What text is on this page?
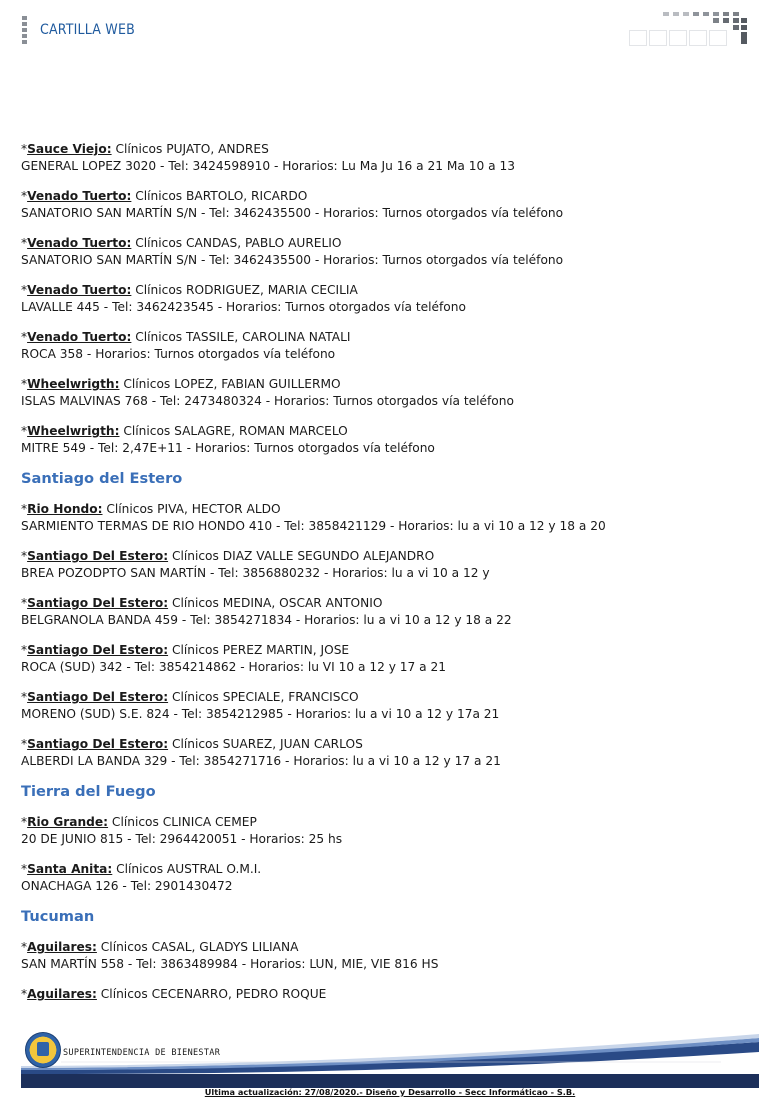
CARTILLA WEB
*Sauce Viejo: Clínicos PUJATO, ANDRES
GENERAL LOPEZ 3020 - Tel: 3424598910 - Horarios: Lu Ma Ju 16 a 21 Ma 10 a 13
*Venado Tuerto: Clínicos BARTOLO, RICARDO
SANATORIO SAN MARTÍN S/N - Tel: 3462435500 - Horarios: Turnos otorgados vía teléfono
*Venado Tuerto: Clínicos CANDAS, PABLO AURELIO
SANATORIO SAN MARTÍN S/N - Tel: 3462435500 - Horarios: Turnos otorgados vía teléfono
*Venado Tuerto: Clínicos RODRIGUEZ, MARIA CECILIA
LAVALLE 445 - Tel: 3462423545 - Horarios: Turnos otorgados vía teléfono
*Venado Tuerto: Clínicos TASSILE, CAROLINA NATALI
ROCA 358 - Horarios: Turnos otorgados vía teléfono
*Wheelwrigth: Clínicos LOPEZ, FABIAN GUILLERMO
ISLAS MALVINAS 768 - Tel: 2473480324 - Horarios: Turnos otorgados vía teléfono
*Wheelwrigth: Clínicos SALAGRE, ROMAN MARCELO
MITRE 549 - Tel: 2,47E+11 - Horarios: Turnos otorgados vía teléfono
Santiago del Estero
*Rio Hondo: Clínicos PIVA, HECTOR ALDO
SARMIENTO TERMAS DE RIO HONDO 410 - Tel: 3858421129 - Horarios: lu a vi 10 a 12 y 18 a 20
*Santiago Del Estero: Clínicos DIAZ VALLE SEGUNDO ALEJANDRO
BREA POZODPTO SAN MARTÍN - Tel: 3856880232 - Horarios: lu a vi 10 a 12 y
*Santiago Del Estero: Clínicos MEDINA, OSCAR ANTONIO
BELGRANOLA BANDA 459 - Tel: 3854271834 - Horarios: lu a vi 10 a 12 y 18 a 22
*Santiago Del Estero: Clínicos PEREZ MARTIN, JOSE
ROCA (SUD) 342 - Tel: 3854214862 - Horarios: lu VI 10 a 12 y 17 a 21
*Santiago Del Estero: Clínicos SPECIALE, FRANCISCO
MORENO (SUD) S.E. 824 - Tel: 3854212985 - Horarios: lu a vi 10 a 12 y 17a 21
*Santiago Del Estero: Clínicos SUAREZ, JUAN CARLOS
ALBERDI LA BANDA 329 - Tel: 3854271716 - Horarios: lu a vi 10 a 12 y 17 a 21
Tierra del Fuego
*Rio Grande: Clínicos CLINICA CEMEP
20 DE JUNIO 815 - Tel: 2964420051 - Horarios: 25 hs
*Santa Anita: Clínicos AUSTRAL O.M.I.
ONACHAGA 126 - Tel: 2901430472
Tucuman
*Aguilares: Clínicos CASAL, GLADYS LILIANA
SAN MARTÍN 558 - Tel: 3863489984 - Horarios: LUN, MIE, VIE 816 HS
*Aguilares: Clínicos CECENARRO, PEDRO ROQUE
SUPERINTENDENCIA DE BIENESTAR
Ultima actualización: 27/08/2020.- Diseño y Desarrollo - Secc Informáticao - S.B.
